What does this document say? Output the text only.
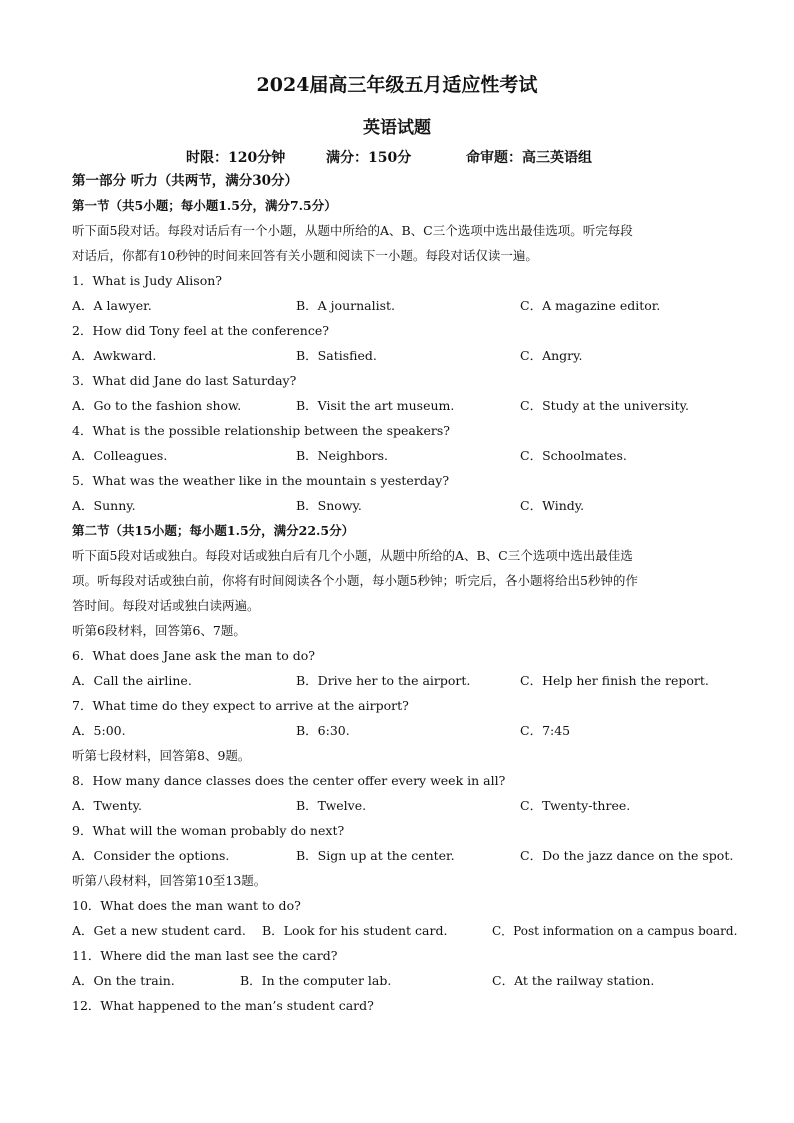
2024届高三年级五月适应性考试
英语试题
时限：120分钟	满分：150分	命审题：高三英语组
第一部分 听力（共两节，满分30分）
第一节（共5小题；每小题1.5分，满分7.5分）
听下面5段对话。每段对话后有一个小题，从题中所给的A、B、C三个选项中选出最佳选项。听完每段
对话后，你都有10秒钟的时间来回答有关小题和阅读下一小题。每段对话仅读一遍。
1．What is Judy Alison?
A．A lawyer.	B．A journalist.	C．A magazine editor.
2．How did Tony feel at the conference?
A．Awkward.	B．Satisfied.	C．Angry.
3．What did Jane do last Saturday?
A．Go to the fashion show.	B．Visit the art museum.	C．Study at the university.
4．What is the possible relationship between the speakers?
A．Colleagues.	B．Neighbors.	C．Schoolmates.
5．What was the weather like in the mountain s yesterday?
A．Sunny.	B．Snowy.	C．Windy.
第二节（共15小题；每小题1.5分，满分22.5分）
听下面5段对话或独白。每段对话或独白后有几个小题，从题中所给的A、B、C三个选项中选出最佳选
项。听每段对话或独白前，你将有时间阅读各个小题，每小题5秒钟；听完后，各小题将给出5秒钟的作
答时间。每段对话或独白读两遍。
听第6段材料，回答第6、7题。
6．What does Jane ask the man to do?
A．Call the airline.	B．Drive her to the airport.	C．Help her finish the report.
7．What time do they expect to arrive at the airport?
A．5:00.	B．6:30.	C．7:45
听第七段材料，回答第8、9题。
8．How many dance classes does the center offer every week in all?
A．Twenty.	B．Twelve.	C．Twenty-three.
9．What will the woman probably do next?
A．Consider the options.	B．Sign up at the center.	C．Do the jazz dance on the spot.
听第八段材料，回答第10至13题。
10．What does the man want to do?
A．Get a new student card. B．Look for his student card.	C．Post information on a campus board.
11．Where did the man last see the card?
A．On the train.	B．In the computer lab.	C．At the railway station.
12．What happened to the man’s student card?
